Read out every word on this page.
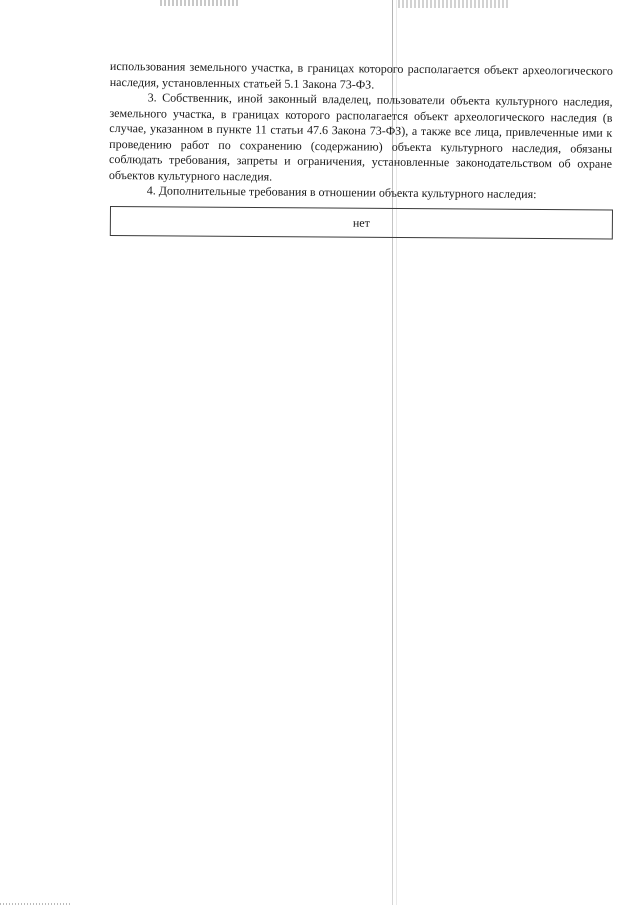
использования земельного участка, в границах которого располагается объект археологического наследия, установленных статьей 5.1 Закона 73-ФЗ.

3. Собственник, иной законный владелец, пользователи объекта культурного наследия, земельного участка, в границах которого располагается объект археологического наследия (в случае, указанном в пункте 11 статьи 47.6 Закона 73-ФЗ), а также все лица, привлеченные ими к проведению работ по сохранению (содержанию) объекта культурного наследия, обязаны соблюдать требования, запреты и ограничения, установленные законодательством об охране объектов культурного наследия.

4. Дополнительные требования в отношении объекта культурного наследия:

нет
